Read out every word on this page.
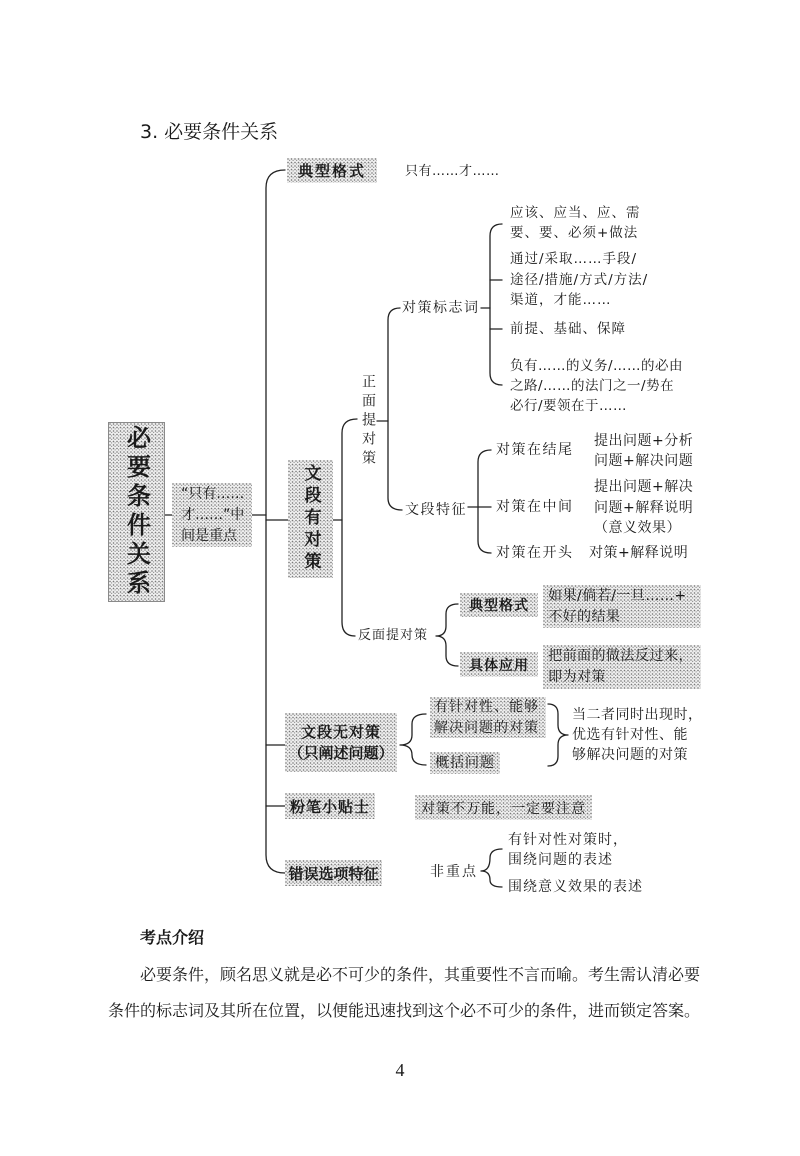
3. 必要条件关系
必要条件关系 “只有……
才……”中
间是重点
典型格式	只有……才……
文段有对策
正面提对策
反面提对策
对策标志词
文段特征
应该、应当、应、需
要、要、必须+做法
通过/采取……手段/
途径/措施/方式/方法/
渠道，才能……
前提、基础、保障
负有……的义务/……的必由
之路/……的法门之一/势在
必行/要领在于……
对策在结尾
提出问题+分析
问题+解决问题
对策在中间
提出问题+解决
问题+解释说明
（意义效果）
对策在开头 对策+解释说明
典型格式
如果/倘若/一旦……+
不好的结果
具体应用
把前面的做法反过来，
即为对策
文段无对策
（只阐述问题）
有针对性、能够
解决问题的对策
概括问题
当二者同时出现时，
优选有针对性、能
够解决问题的对策
粉笔小贴士	对策不万能，一定要注意
错误选项特征	非重点
有针对性对策时，
围绕问题的表述
围绕意义效果的表述
考点介绍
必要条件，顾名思义就是必不可少的条件，其重要性不言而喻。考生需认清必要
条件的标志词及其所在位置，以便能迅速找到这个必不可少的条件，进而锁定答案。
4
